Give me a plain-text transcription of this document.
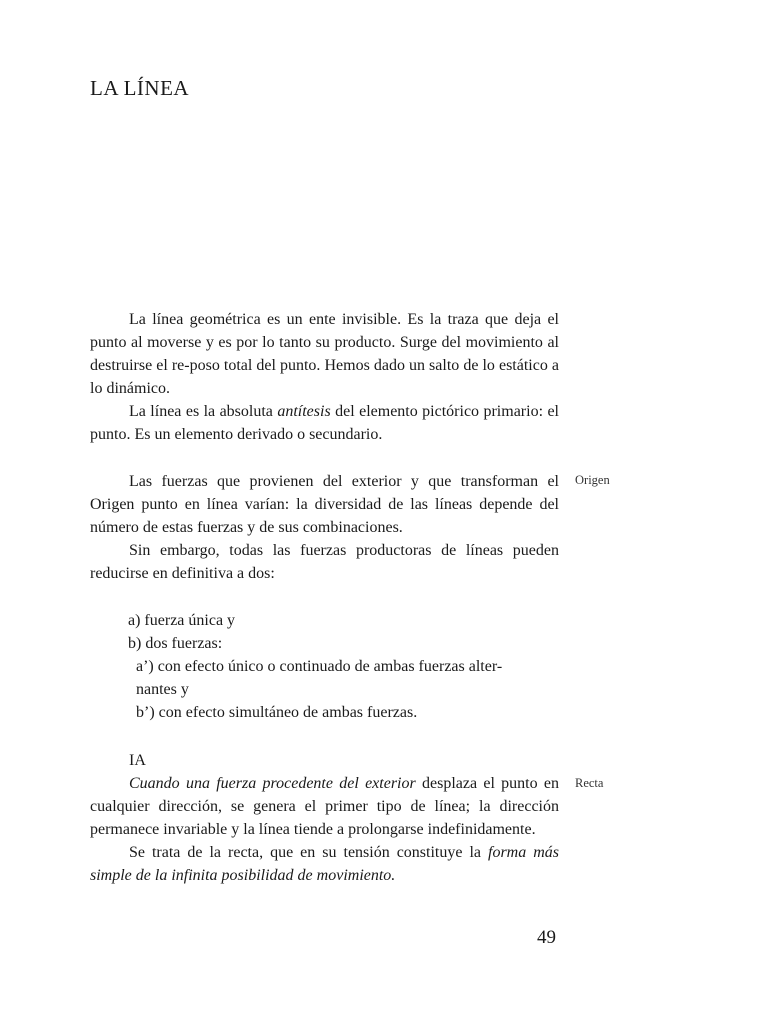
LA LÍNEA

La línea geométrica es un ente invisible. Es la traza que deja el punto al moverse y es por lo tanto su producto. Surge del movimiento al destruirse el re-poso total del punto. Hemos dado un salto de lo estático a lo dinámico.

La línea es la absoluta antítesis del elemento pictórico primario: el punto. Es un elemento derivado o secundario.

Las fuerzas que provienen del exterior y que transforman el Origen punto en línea varían: la diversidad de las líneas depende del número de estas fuerzas y de sus combinaciones.

Sin embargo, todas las fuerzas productoras de líneas pueden reducirse en definitiva a dos:

a) fuerza única y

b) dos fuerzas:

a’) con efecto único o continuado de ambas fuerzas alter-
nantes y

b’) con efecto simultáneo de ambas fuerzas.

IA

Cuando una fuerza procedente del exterior desplaza el punto en cualquier dirección, se genera el primer tipo de línea; la dirección permanece invariable y la línea tiende a prolongarse indefinidamente.

Se trata de la recta, que en su tensión constituye la forma más simple de la infinita posibilidad de movimiento.

Origen
Recta
49
